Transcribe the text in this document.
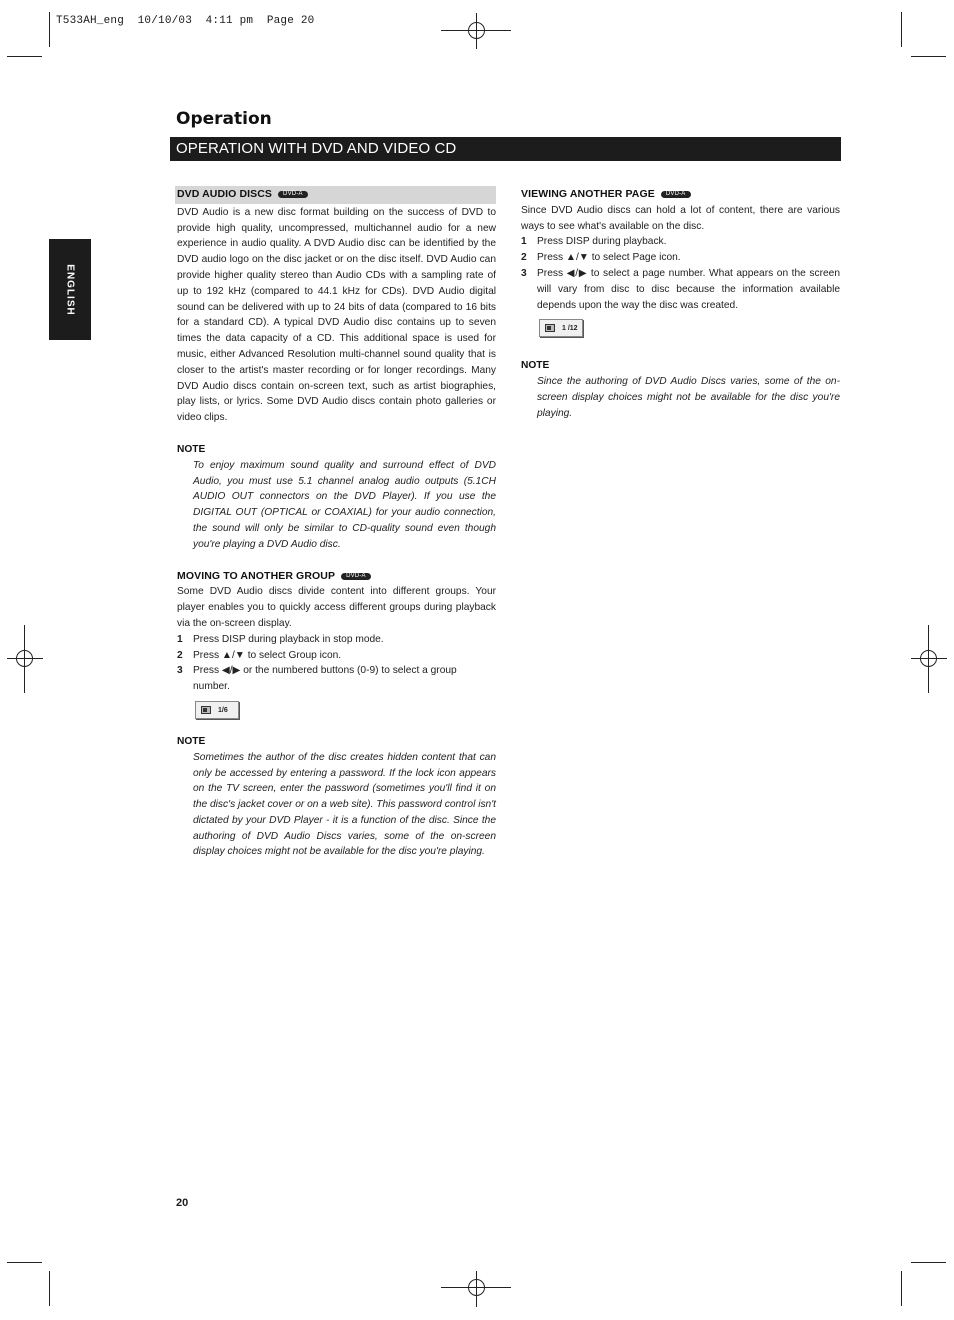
T533AH_eng  10/10/03  4:11 pm  Page 20
Operation
OPERATION WITH DVD AND VIDEO CD
ENGLISH
DVD AUDIO DISCS DVD-A

DVD Audio is a new disc format building on the success of DVD to provide high quality, uncompressed, multichannel audio for a new experience in audio quality. A DVD Audio disc can be identified by the DVD audio logo on the disc jacket or on the disc itself. DVD Audio can provide higher quality stereo than Audio CDs with a sampling rate of up to 192 kHz (compared to 44.1 kHz for CDs). DVD Audio digital sound can be delivered with up to 24 bits of data (compared to 16 bits for a standard CD). A typical DVD Audio disc contains up to seven times the data capacity of a CD. This additional space is used for music, either Advanced Resolution multi-channel sound quality that is closer to the artist's master recording or for longer recordings. Many DVD Audio discs contain on-screen text, such as artist biographies, play lists, or lyrics. Some DVD Audio discs contain photo galleries or video clips.

NOTE

To enjoy maximum sound quality and surround effect of DVD Audio, you must use 5.1 channel analog audio outputs (5.1CH AUDIO OUT connectors on the DVD Player). If you use the DIGITAL OUT (OPTICAL or COAXIAL) for your audio connection, the sound will only be similar to CD-quality sound even though you're playing a DVD Audio disc.

MOVING TO ANOTHER GROUP DVD-A

Some DVD Audio discs divide content into different groups. Your player enables you to quickly access different groups during playback via the on-screen display.

1 Press DISP during playback in stop mode.
2 Press ▲/▼ to select Group icon.
3 Press ◀/▶ or the numbered buttons (0-9) to select a group number.
1/6
NOTE

Sometimes the author of the disc creates hidden content that can only be accessed by entering a password. If the lock icon appears on the TV screen, enter the password (sometimes you'll find it on the disc's jacket cover or on a web site). This password control isn't dictated by your DVD Player - it is a function of the disc. Since the authoring of DVD Audio Discs varies, some of the on-screen display choices might not be available for the disc you're playing.

VIEWING ANOTHER PAGE DVD-A

Since DVD Audio discs can hold a lot of content, there are various ways to see what's available on the disc.

1 Press DISP during playback.
2 Press ▲/▼ to select Page icon.
3 Press ◀/▶ to select a page number. What appears on the screen will vary from disc to disc because the information available depends upon the way the disc was created.
1 /12
NOTE

Since the authoring of DVD Audio Discs varies, some of the on-screen display choices might not be available for the disc you're playing.

20
